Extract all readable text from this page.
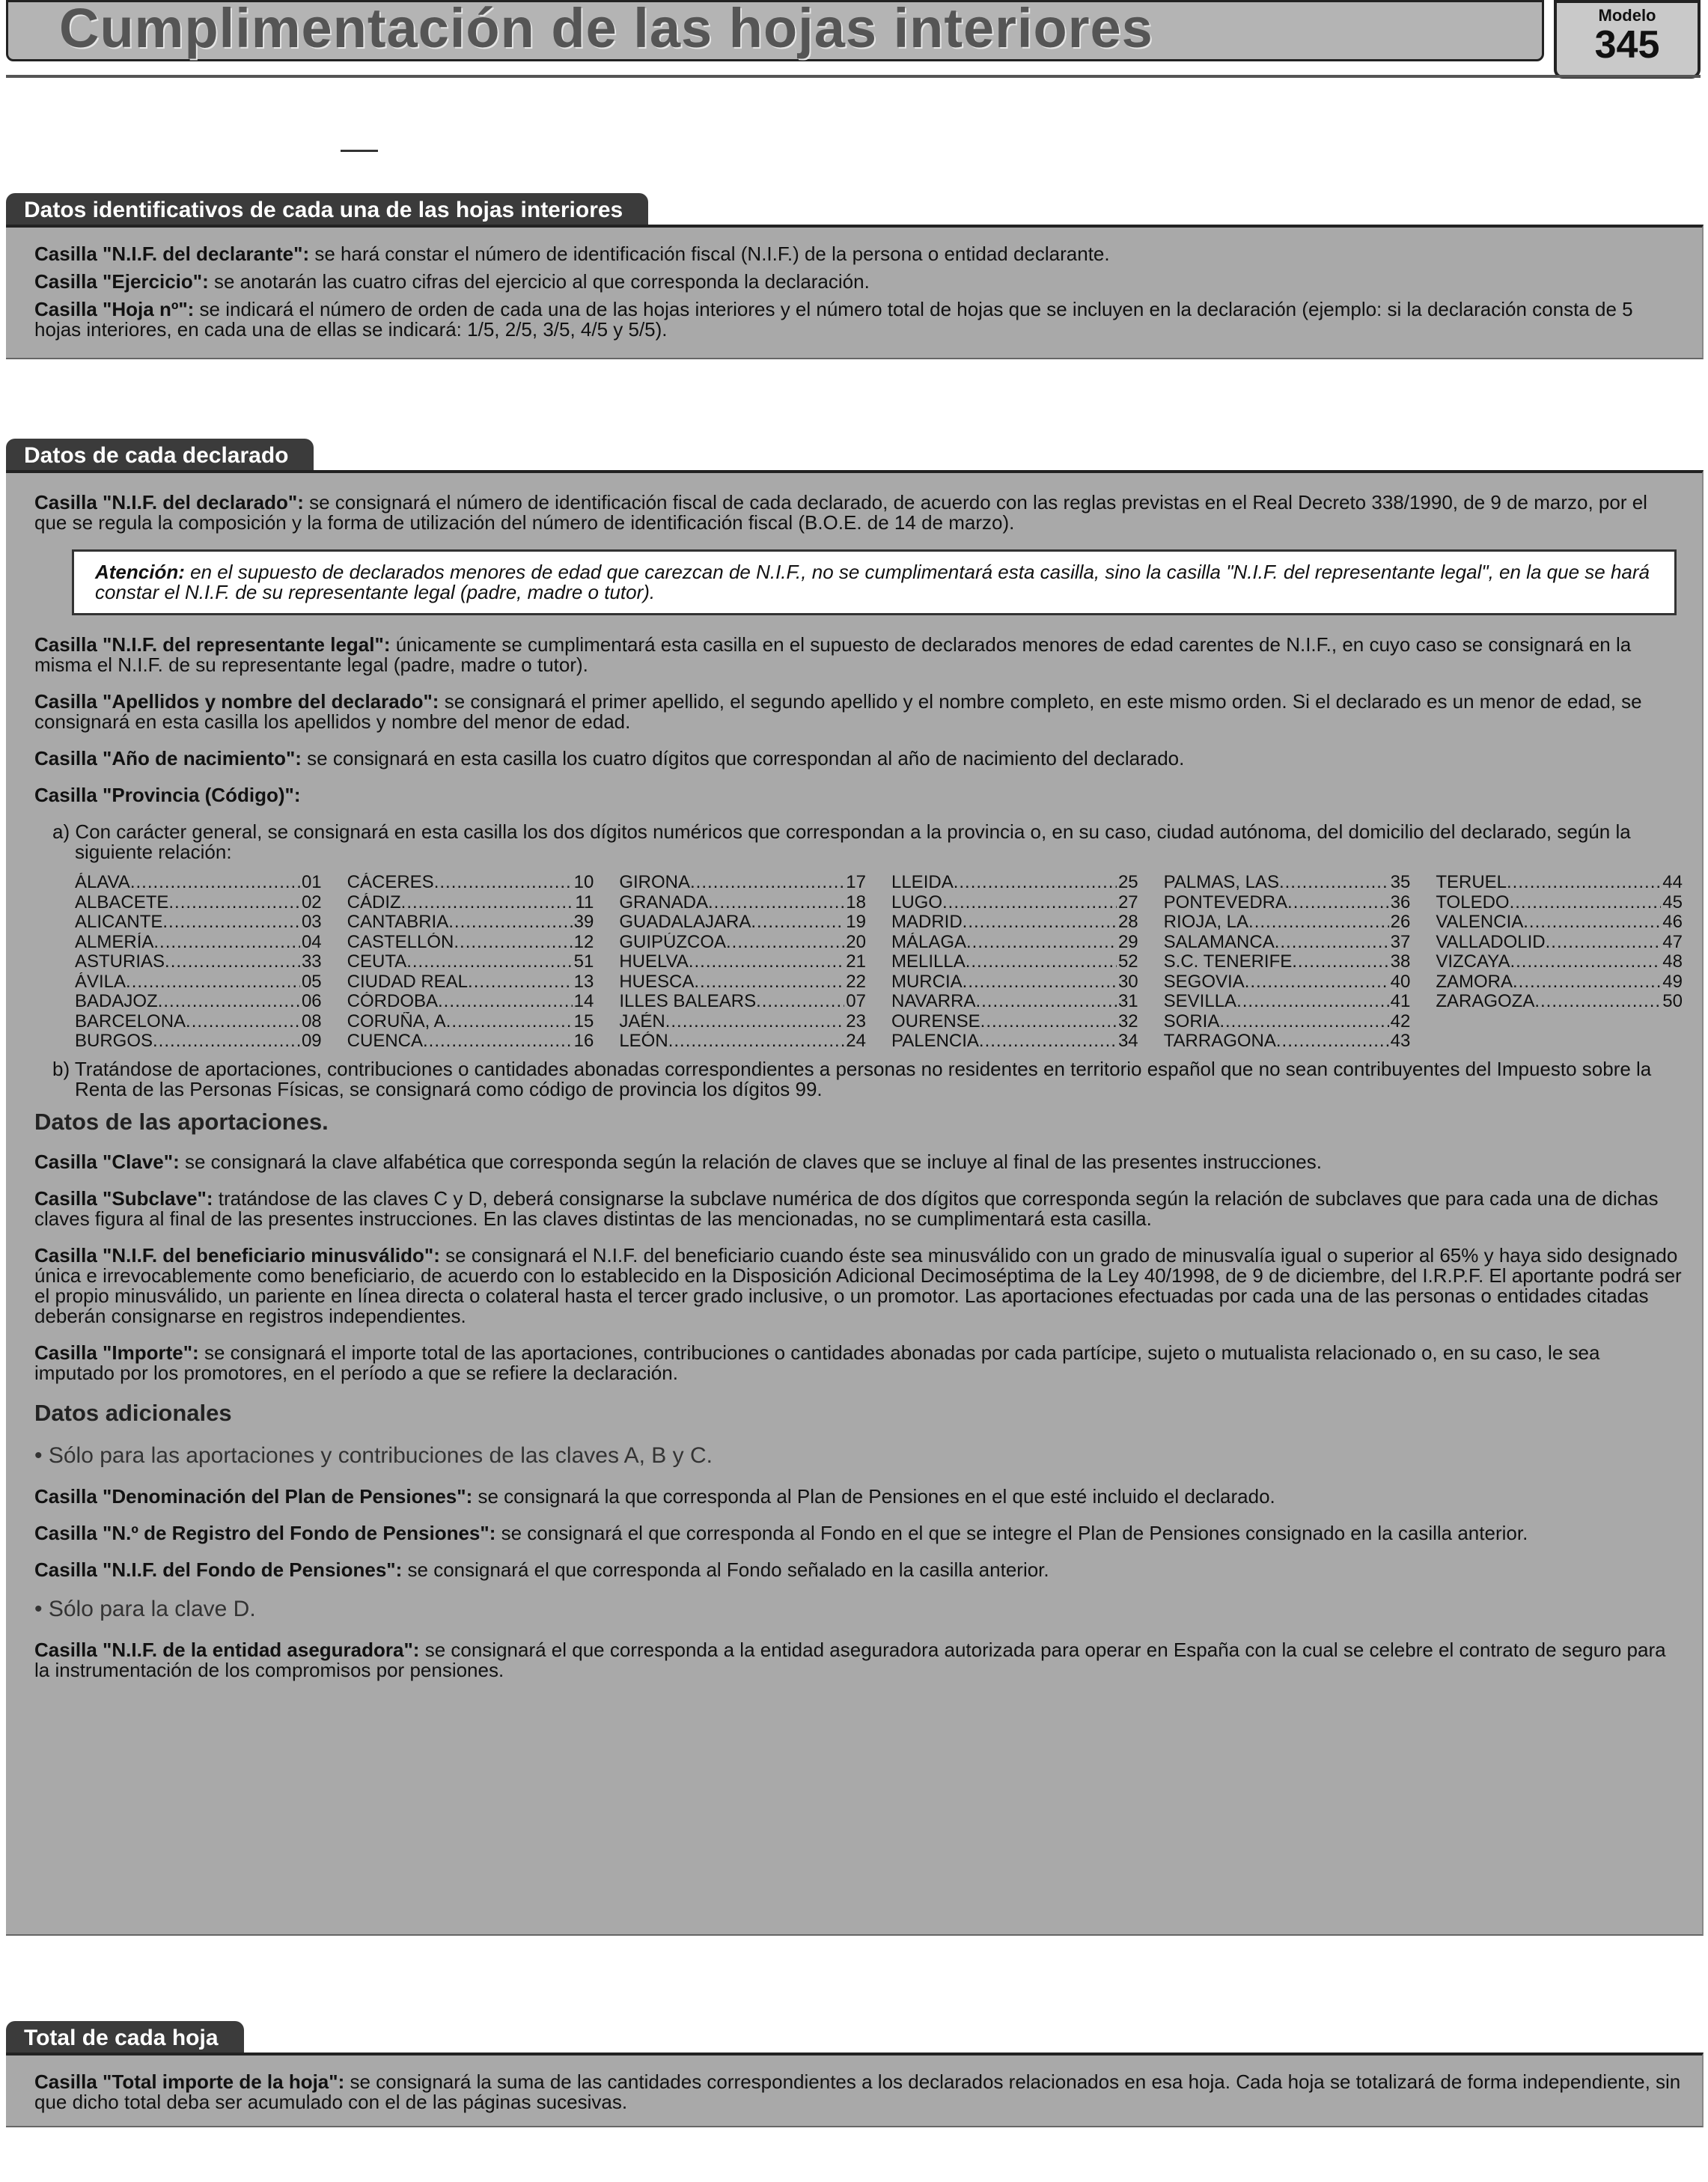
Cumplimentación de las hojas interiores	Modelo
345
Datos identificativos de cada una de las hojas interiores

Casilla "N.I.F. del declarante": se hará constar el número de identificación fiscal (N.I.F.) de la persona o entidad declarante.

Casilla "Ejercicio": se anotarán las cuatro cifras del ejercicio al que corresponda la declaración.

Casilla "Hoja nº": se indicará el número de orden de cada una de las hojas interiores y el número total de hojas que se incluyen en la declaración (ejemplo: si la declaración consta de 5 hojas interiores, en cada una de ellas se indicará: 1/5, 2/5, 3/5, 4/5 y 5/5).

Datos de cada declarado

Casilla "N.I.F. del declarado": se consignará el número de identificación fiscal de cada declarado, de acuerdo con las reglas previstas en el Real Decreto 338/1990, de 9 de marzo, por el que se regula la composición y la forma de utilización del número de identificación fiscal (B.O.E. de 14 de marzo).

Atención: en el supuesto de declarados menores de edad que carezcan de N.I.F., no se cumplimentará esta casilla, sino la casilla "N.I.F. del representante legal", en la que se hará constar el N.I.F. de su representante legal (padre, madre o tutor).

Casilla "N.I.F. del representante legal": únicamente se cumplimentará esta casilla en el supuesto de declarados menores de edad carentes de N.I.F., en cuyo caso se consignará en la misma el N.I.F. de su representante legal (padre, madre o tutor).

Casilla "Apellidos y nombre del declarado": se consignará el primer apellido, el segundo apellido y el nombre completo, en este mismo orden. Si el declarado es un menor de edad, se consignará en esta casilla los apellidos y nombre del menor de edad.

Casilla "Año de nacimiento": se consignará en esta casilla los cuatro dígitos que correspondan al año de nacimiento del declarado.

Casilla "Provincia (Código)":

a) Con carácter general, se consignará en esta casilla los dos dígitos numéricos que correspondan a la provincia o, en su caso, ciudad autónoma, del domicilio del declarado, según la siguiente relación:
ÁLAVA .....	01 CÁCERES .....	10 GIRONA .....	17 LLEIDA .....	25 PALMAS, LAS .....	35 TERUEL .....	44
ALBACETE .....	02 CÁDIZ .....	11 GRANADA .....	18 LUGO .....	27 PONTEVEDRA .....	36 TOLEDO .....	45
ALICANTE .....	03 CANTABRIA .....	39 GUADALAJARA .....	19 MADRID .....	28 RIOJA, LA .....	26 VALENCIA .....	46
ALMERÍA .....	04 CASTELLÓN .....	12 GUIPÚZCOA .....	20 MÁLAGA .....	29 SALAMANCA .....	37 VALLADOLID .....	47
ASTURIAS .....	33 CEUTA .....	51 HUELVA .....	21 MELILLA .....	52 S.C. TENERIFE .....	38 VIZCAYA .....	48
ÁVILA .....	05 CIUDAD REAL .....	13 HUESCA .....	22 MURCIA .....	30 SEGOVIA .....	40 ZAMORA .....	49
BADAJOZ .....	06 CÓRDOBA .....	14 ILLES BALEARS .....	07 NAVARRA .....	31 SEVILLA .....	41 ZARAGOZA .....	50
BARCELONA .....	08 CORUÑA, A .....	15 JAÉN .....	23 OURENSE .....	32 SORIA .....	42
BURGOS .....	09 CUENCA .....	16 LEÓN .....	24 PALENCIA .....	34 TARRAGONA .....	43
b) Tratándose de aportaciones, contribuciones o cantidades abonadas correspondientes a personas no residentes en territorio español que no sean contribuyentes del Impuesto sobre la Renta de las Personas Físicas, se consignará como código de provincia los dígitos 99.
Datos de las aportaciones.

Casilla "Clave": se consignará la clave alfabética que corresponda según la relación de claves que se incluye al final de las presentes instrucciones.

Casilla "Subclave": tratándose de las claves C y D, deberá consignarse la subclave numérica de dos dígitos que corresponda según la relación de subclaves que para cada una de dichas claves figura al final de las presentes instrucciones. En las claves distintas de las mencionadas, no se cumplimentará esta casilla.

Casilla "N.I.F. del beneficiario minusválido": se consignará el N.I.F. del beneficiario cuando éste sea minusválido con un grado de minusvalía igual o superior al 65% y haya sido designado única e irrevocablemente como beneficiario, de acuerdo con lo establecido en la Disposición Adicional Decimoséptima de la Ley 40/1998, de 9 de diciembre, del I.R.P.F. El aportante podrá ser el propio minusválido, un pariente en línea directa o colateral hasta el tercer grado inclusive, o un promotor. Las aportaciones efectuadas por cada una de las personas o entidades citadas deberán consignarse en registros independientes.

Casilla "Importe": se consignará el importe total de las aportaciones, contribuciones o cantidades abonadas por cada partícipe, sujeto o mutualista relacionado o, en su caso, le sea imputado por los promotores, en el período a que se refiere la declaración.

Datos adicionales
• Sólo para las aportaciones y contribuciones de las claves A, B y C.

Casilla "Denominación del Plan de Pensiones": se consignará la que corresponda al Plan de Pensiones en el que esté incluido el declarado.

Casilla "N.º de Registro del Fondo de Pensiones": se consignará el que corresponda al Fondo en el que se integre el Plan de Pensiones consignado en la casilla anterior.

Casilla "N.I.F. del Fondo de Pensiones": se consignará el que corresponda al Fondo señalado en la casilla anterior.

• Sólo para la clave D.

Casilla "N.I.F. de la entidad aseguradora": se consignará el que corresponda a la entidad aseguradora autorizada para operar en España con la cual se celebre el contrato de seguro para la instrumentación de los compromisos por pensiones.

Total de cada hoja

Casilla "Total importe de la hoja": se consignará la suma de las cantidades correspondientes a los declarados relacionados en esa hoja. Cada hoja se totalizará de forma independiente, sin que dicho total deba ser acumulado con el de las páginas sucesivas.
